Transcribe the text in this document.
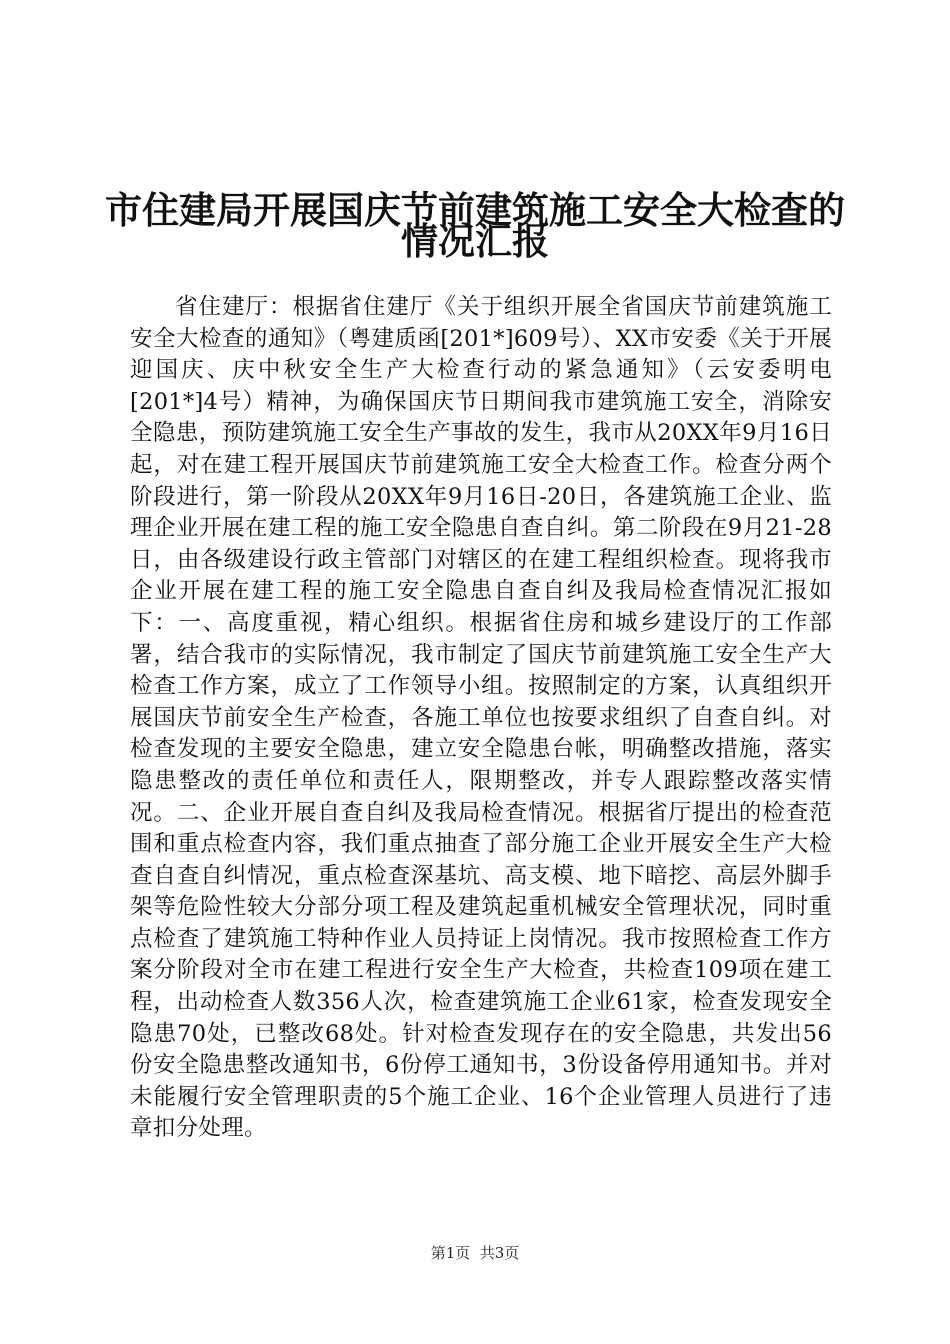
市住建局开展国庆节前建筑施工安全大检查的
情况汇报

省住建厅：根据省住建厅《关于组织开展全省国庆节前建筑施工安全大检查的通知》（粤建质函[201*]609号）、XX市安委《关于开展迎国庆、庆中秋安全生产大检查行动的紧急通知》（云安委明电[201*]4号）精神，为确保国庆节日期间我市建筑施工安全，消除安全隐患，预防建筑施工安全生产事故的发生，我市从20XX年9月16日起，对在建工程开展国庆节前建筑施工安全大检查工作。检查分两个阶段进行，第一阶段从20XX年9月16日-20日，各建筑施工企业、监理企业开展在建工程的施工安全隐患自查自纠。第二阶段在9月21-28日，由各级建设行政主管部门对辖区的在建工程组织检查。现将我市企业开展在建工程的施工安全隐患自查自纠及我局检查情况汇报如下：一、高度重视，精心组织。根据省住房和城乡建设厅的工作部署，结合我市的实际情况，我市制定了国庆节前建筑施工安全生产大检查工作方案，成立了工作领导小组。按照制定的方案，认真组织开展国庆节前安全生产检查，各施工单位也按要求组织了自查自纠。对检查发现的主要安全隐患，建立安全隐患台帐，明确整改措施，落实隐患整改的责任单位和责任人，限期整改，并专人跟踪整改落实情况。二、企业开展自查自纠及我局检查情况。根据省厅提出的检查范围和重点检查内容，我们重点抽查了部分施工企业开展安全生产大检查自查自纠情况，重点检查深基坑、高支模、地下暗挖、高层外脚手架等危险性较大分部分项工程及建筑起重机械安全管理状况，同时重点检查了建筑施工特种作业人员持证上岗情况。我市按照检查工作方案分阶段对全市在建工程进行安全生产大检查，共检查109项在建工程，出动检查人数356人次，检查建筑施工企业61家，检查发现安全隐患70处，已整改68处。针对检查发现存在的安全隐患，共发出56份安全隐患整改通知书，6份停工通知书，3份设备停用通知书。并对未能履行安全管理职责的5个施工企业、16个企业管理人员进行了违章扣分处理。

第1页  共3页
